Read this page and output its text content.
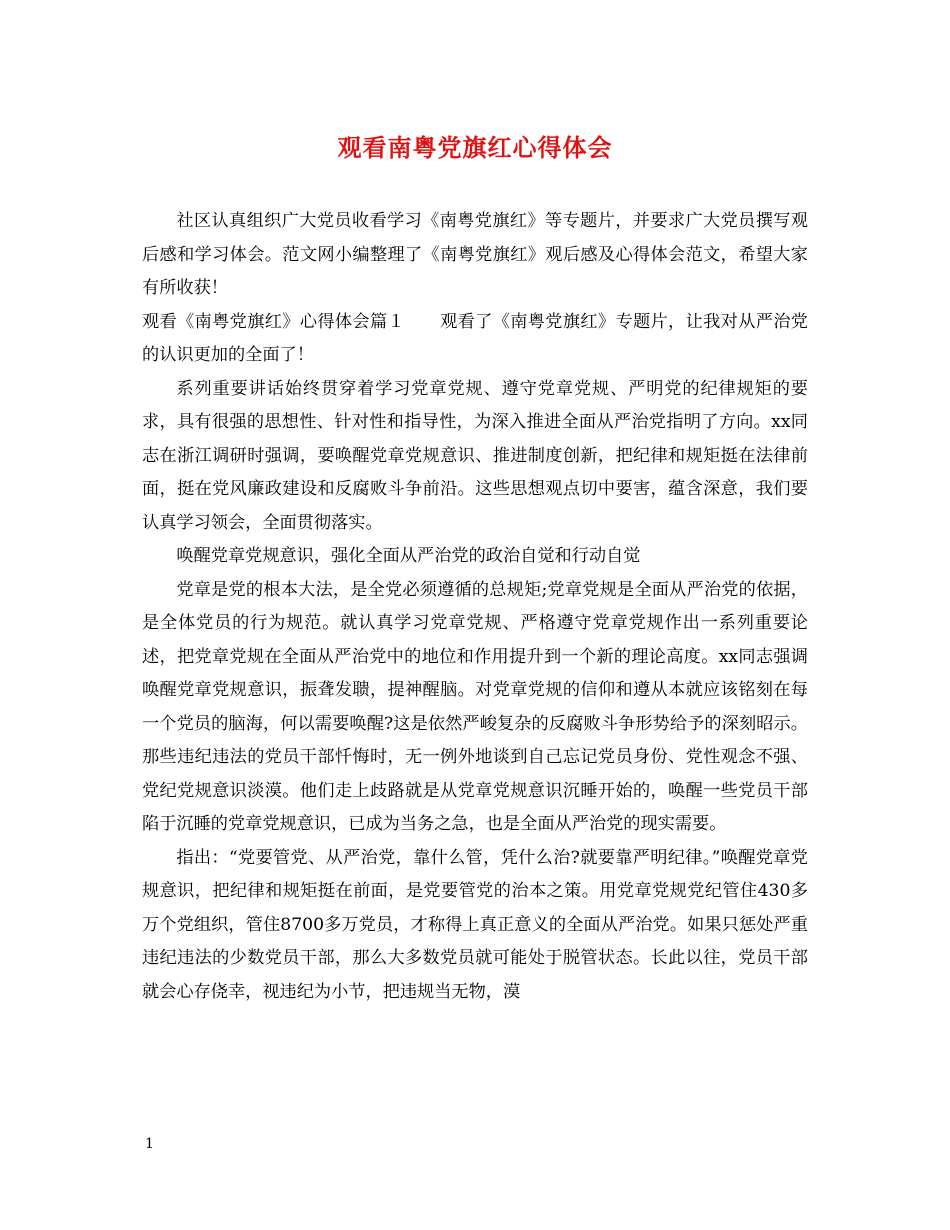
观看南粤党旗红心得体会

社区认真组织广大党员收看学习《南粤党旗红》等专题片，并要求广大党员撰写观后感和学习体会。范文网小编整理了《南粤党旗红》观后感及心得体会范文，希望大家有所收获！

观看《南粤党旗红》心得体会篇１　　观看了《南粤党旗红》专题片，让我对从严治党的认识更加的全面了！

系列重要讲话始终贯穿着学习党章党规、遵守党章党规、严明党的纪律规矩的要求，具有很强的思想性、针对性和指导性，为深入推进全面从严治党指明了方向。xx同志在浙江调研时强调，要唤醒党章党规意识、推进制度创新，把纪律和规矩挺在法律前面，挺在党风廉政建设和反腐败斗争前沿。这些思想观点切中要害，蕴含深意，我们要认真学习领会，全面贯彻落实。

唤醒党章党规意识，强化全面从严治党的政治自觉和行动自觉

党章是党的根本大法，是全党必须遵循的总规矩;党章党规是全面从严治党的依据，是全体党员的行为规范。就认真学习党章党规、严格遵守党章党规作出一系列重要论述，把党章党规在全面从严治党中的地位和作用提升到一个新的理论高度。xx同志强调唤醒党章党规意识，振聋发聩，提神醒脑。对党章党规的信仰和遵从本就应该铭刻在每一个党员的脑海，何以需要唤醒?这是依然严峻复杂的反腐败斗争形势给予的深刻昭示。那些违纪违法的党员干部忏悔时，无一例外地谈到自己忘记党员身份、党性观念不强、党纪党规意识淡漠。他们走上歧路就是从党章党规意识沉睡开始的，唤醒一些党员干部陷于沉睡的党章党规意识，已成为当务之急，也是全面从严治党的现实需要。

指出：“党要管党、从严治党，靠什么管，凭什么治?就要靠严明纪律。”唤醒党章党规意识，把纪律和规矩挺在前面，是党要管党的治本之策。用党章党规党纪管住430多万个党组织，管住8700多万党员，才称得上真正意义的全面从严治党。如果只惩处严重违纪违法的少数党员干部，那么大多数党员就可能处于脱管状态。长此以往，党员干部就会心存侥幸，视违纪为小节，把违规当无物，漠

1
